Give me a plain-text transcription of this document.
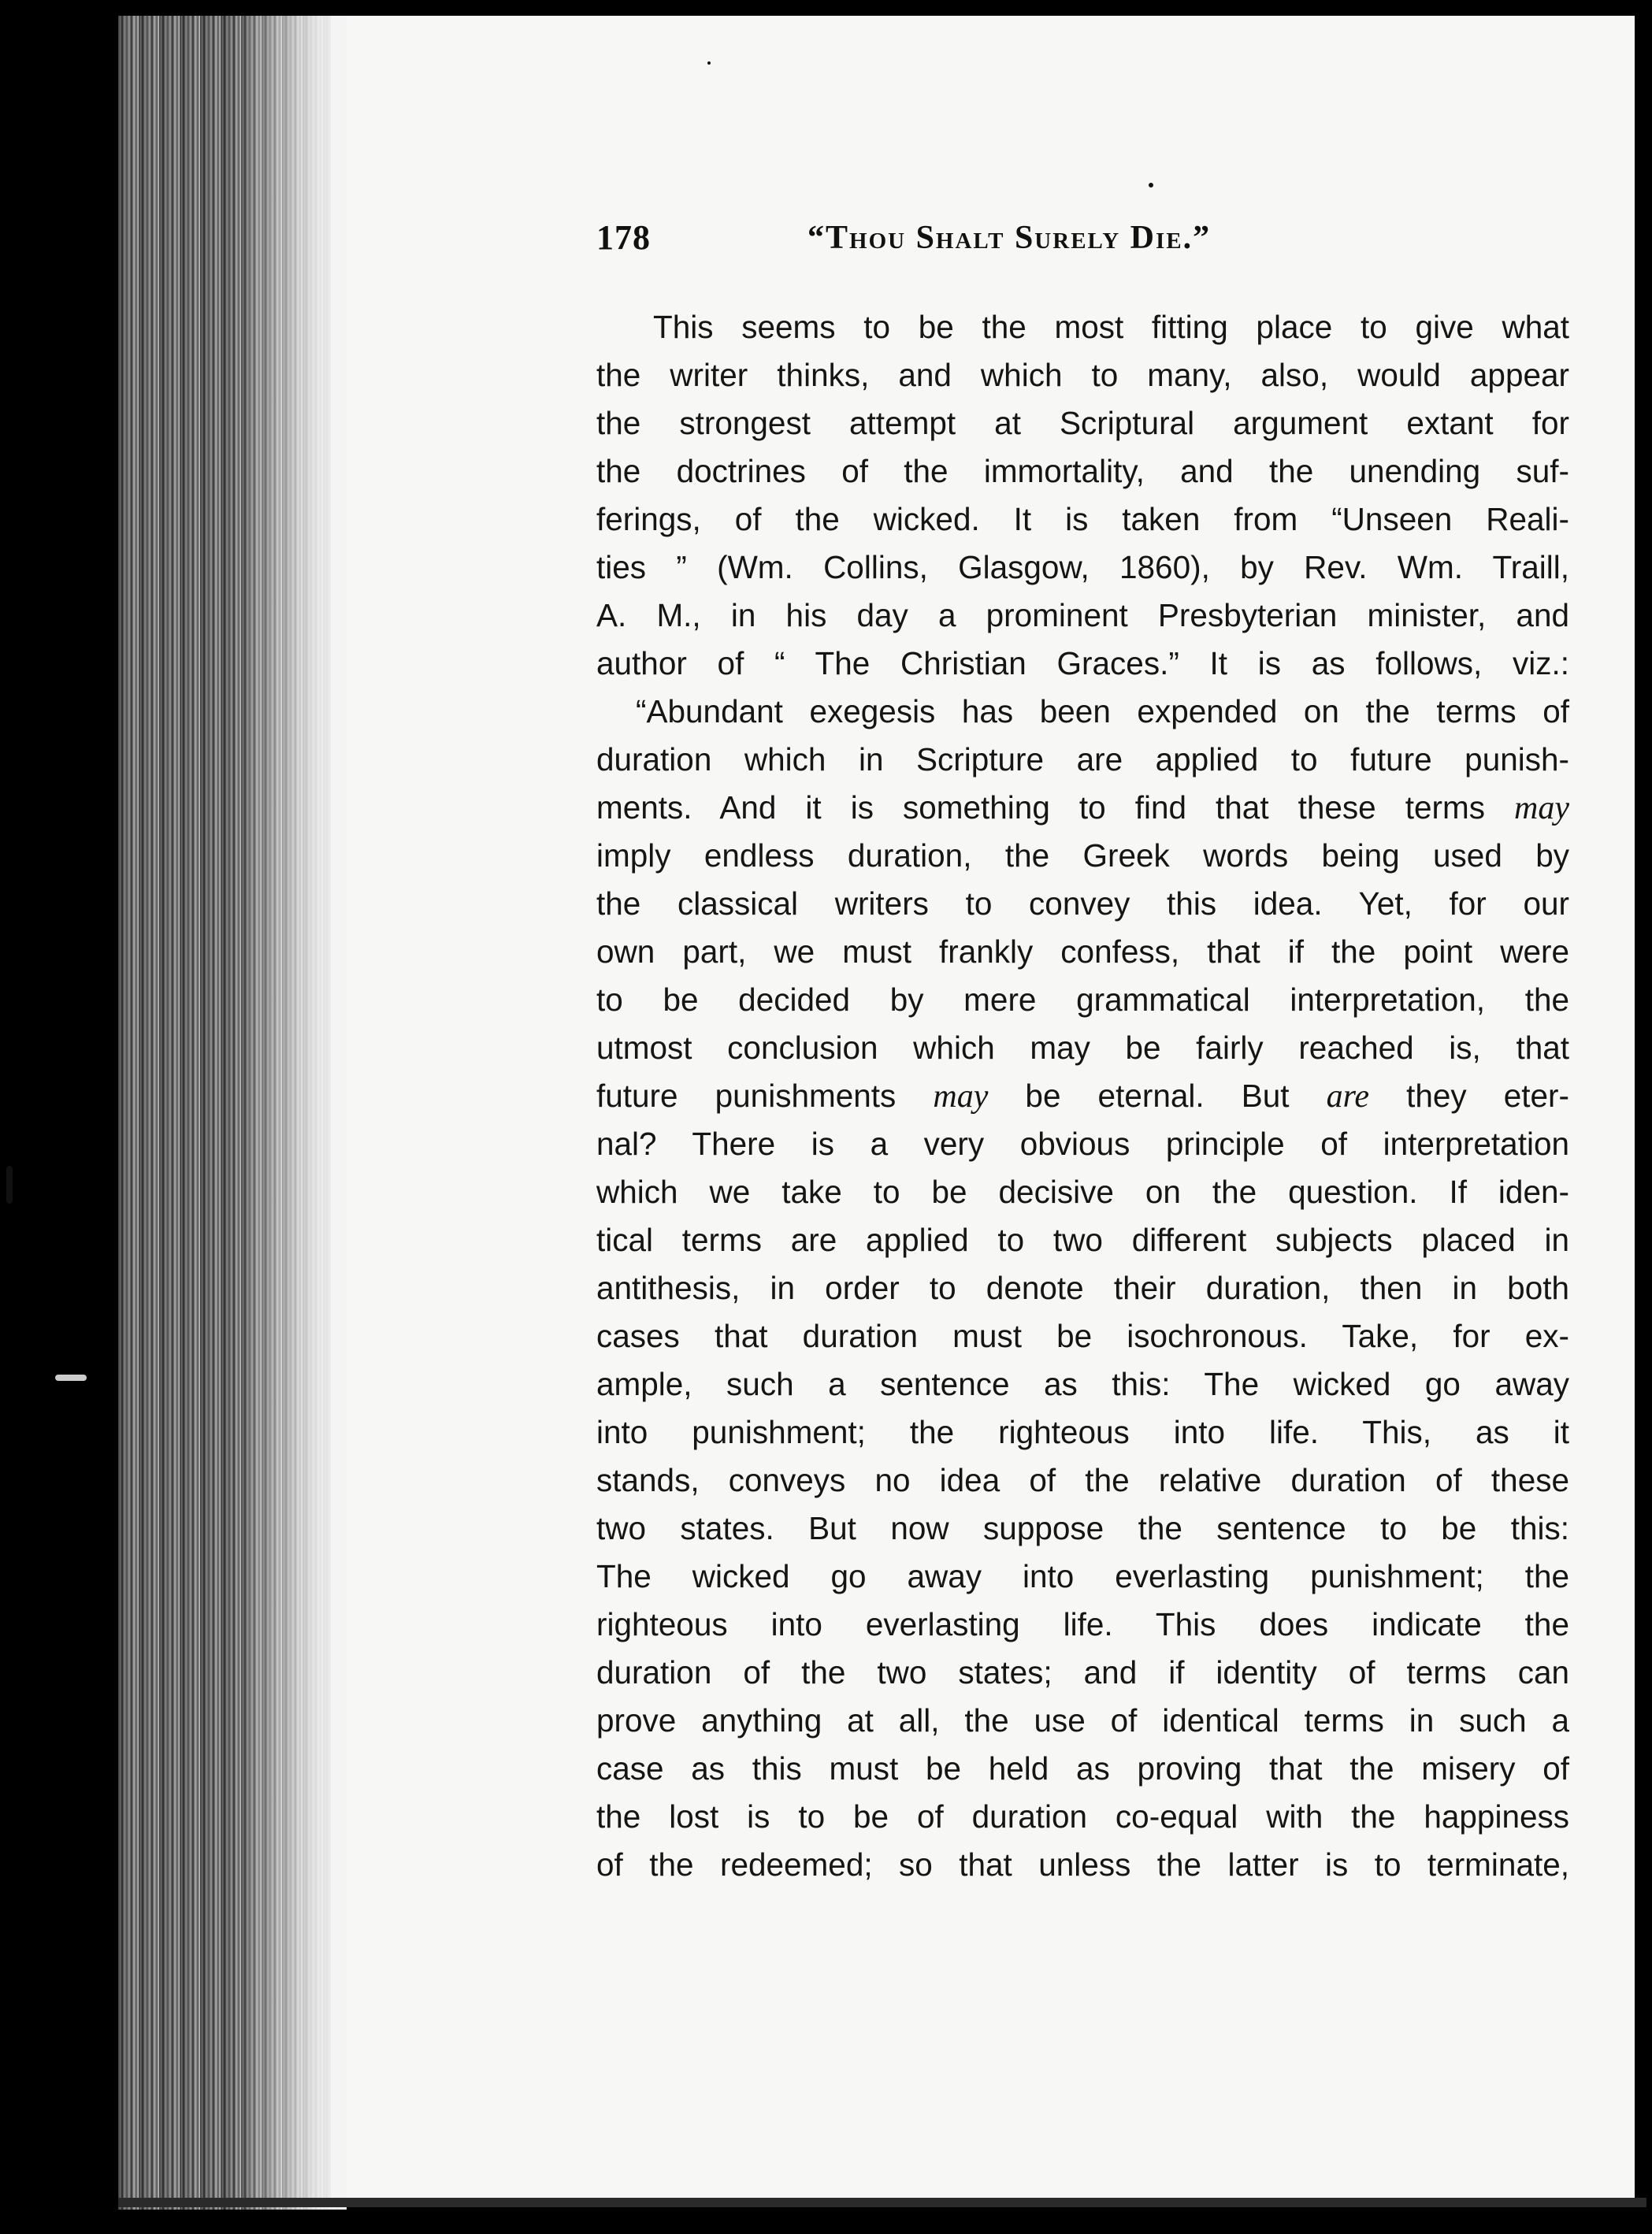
178	“Thou Shalt Surely Die.”
This seems to be the most fitting place to give what
the writer thinks, and which to many, also, would appear
the strongest attempt at Scriptural argument extant for
the doctrines of the immortality, and the unending suf-
ferings, of the wicked. It is taken from “Unseen Reali-
ties ” (Wm. Collins, Glasgow, 1860), by Rev. Wm. Traill,
A. M., in his day a prominent Presbyterian minister, and
author of “ The Christian Graces.” It is as follows, viz.:
“Abundant exegesis has been expended on the terms of
duration which in Scripture are applied to future punish-
ments. And it is something to find that these terms may
imply endless duration, the Greek words being used by
the classical writers to convey this idea. Yet, for our
own part, we must frankly confess, that if the point were
to be decided by mere grammatical interpretation, the
utmost conclusion which may be fairly reached is, that
future punishments may be eternal. But are they eter-
nal? There is a very obvious principle of interpretation
which we take to be decisive on the question. If iden-
tical terms are applied to two different subjects placed in
antithesis, in order to denote their duration, then in both
cases that duration must be isochronous. Take, for ex-
ample, such a sentence as this: The wicked go away
into punishment; the righteous into life. This, as it
stands, conveys no idea of the relative duration of these
two states. But now suppose the sentence to be this:
The wicked go away into everlasting punishment; the
righteous into everlasting life. This does indicate the
duration of the two states; and if identity of terms can
prove anything at all, the use of identical terms in such a
case as this must be held as proving that the misery of
the lost is to be of duration co-equal with the happiness
of the redeemed; so that unless the latter is to terminate,
